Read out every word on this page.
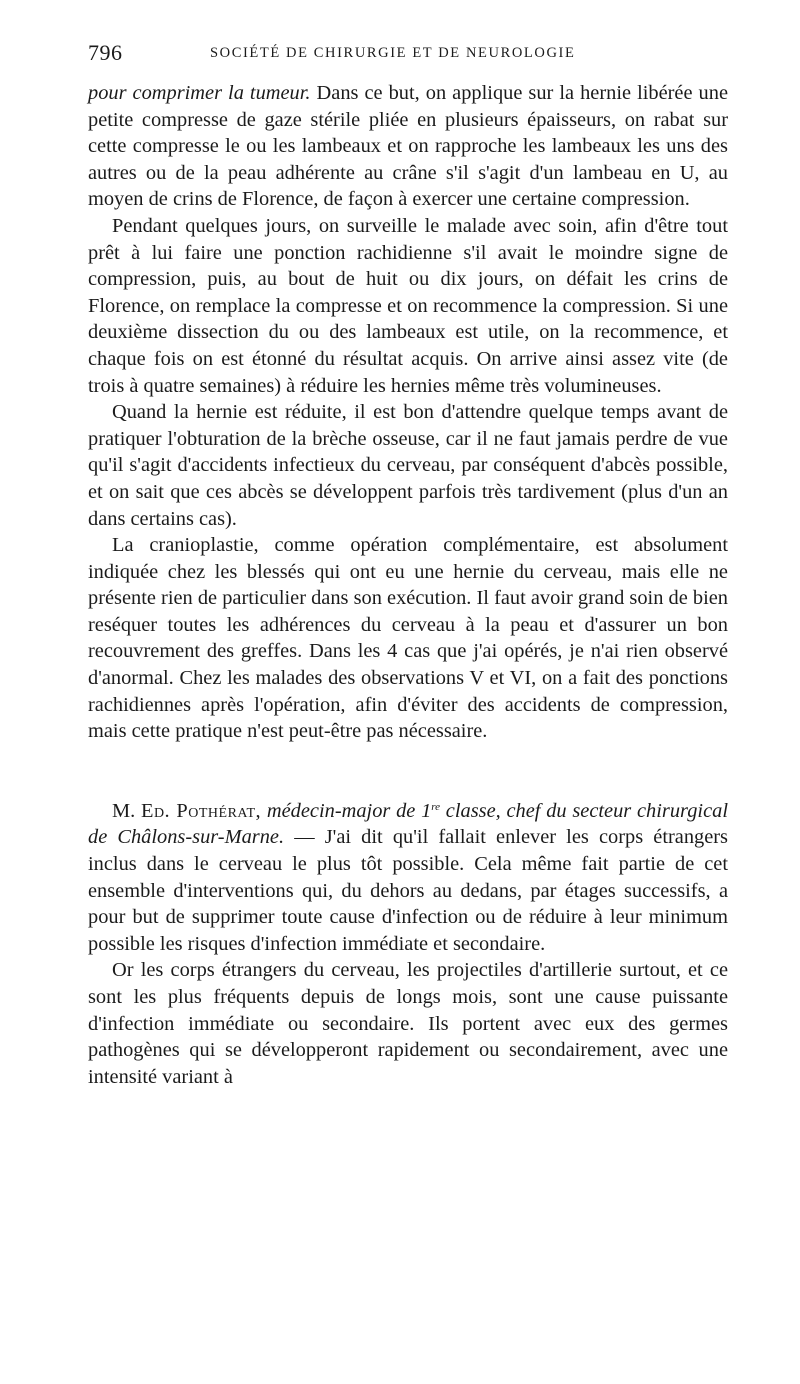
796	SOCIÉTÉ DE CHIRURGIE ET DE NEUROLOGIE

pour comprimer la tumeur. Dans ce but, on applique sur la hernie libérée une petite compresse de gaze stérile pliée en plusieurs épaisseurs, on rabat sur cette compresse le ou les lambeaux et on rapproche les lambeaux les uns des autres ou de la peau adhérente au crâne s'il s'agit d'un lambeau en U, au moyen de crins de Florence, de façon à exercer une certaine compression.

Pendant quelques jours, on surveille le malade avec soin, afin d'être tout prêt à lui faire une ponction rachidienne s'il avait le moindre signe de compression, puis, au bout de huit ou dix jours, on défait les crins de Florence, on remplace la compresse et on recommence la compression. Si une deuxième dissection du ou des lambeaux est utile, on la recommence, et chaque fois on est étonné du résultat acquis. On arrive ainsi assez vite (de trois à quatre semaines) à réduire les hernies même très volumineuses.

Quand la hernie est réduite, il est bon d'attendre quelque temps avant de pratiquer l'obturation de la brèche osseuse, car il ne faut jamais perdre de vue qu'il s'agit d'accidents infectieux du cerveau, par conséquent d'abcès possible, et on sait que ces abcès se développent parfois très tardivement (plus d'un an dans certains cas).

La cranioplastie, comme opération complémentaire, est absolument indiquée chez les blessés qui ont eu une hernie du cerveau, mais elle ne présente rien de particulier dans son exécution. Il faut avoir grand soin de bien reséquer toutes les adhérences du cerveau à la peau et d'assurer un bon recouvrement des greffes. Dans les 4 cas que j'ai opérés, je n'ai rien observé d'anormal. Chez les malades des observations V et VI, on a fait des ponctions rachidiennes après l'opération, afin d'éviter des accidents de compression, mais cette pratique n'est peut-être pas nécessaire.

M. Ed. Pothérat, médecin-major de 1re classe, chef du secteur chirurgical de Châlons-sur-Marne. — J'ai dit qu'il fallait enlever les corps étrangers inclus dans le cerveau le plus tôt possible. Cela même fait partie de cet ensemble d'interventions qui, du dehors au dedans, par étages successifs, a pour but de supprimer toute cause d'infection ou de réduire à leur minimum possible les risques d'infection immédiate et secondaire.

Or les corps étrangers du cerveau, les projectiles d'artillerie surtout, et ce sont les plus fréquents depuis de longs mois, sont une cause puissante d'infection immédiate ou secondaire. Ils portent avec eux des germes pathogènes qui se développeront rapidement ou secondairement, avec une intensité variant à
